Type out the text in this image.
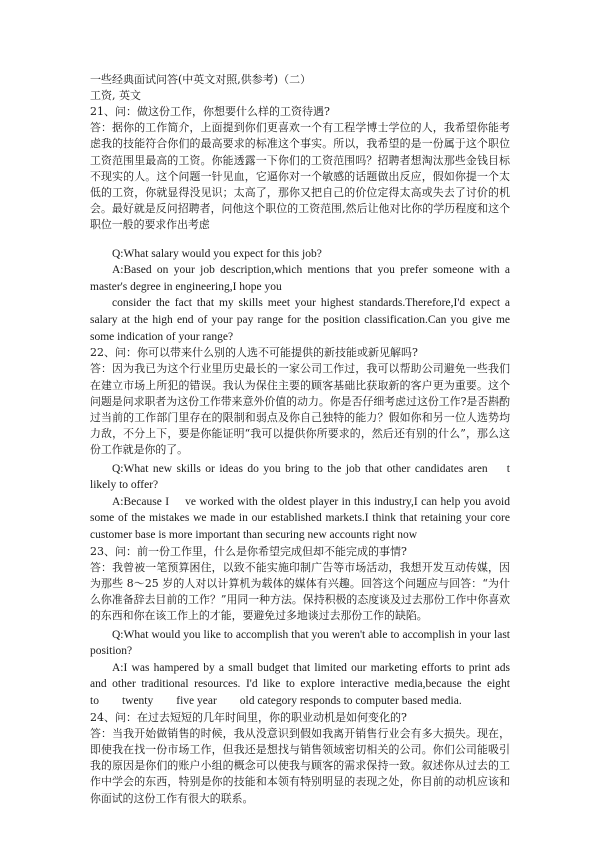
一些经典面试问答(中英文对照,供参考)（二）

工资, 英文

21、问：做这份工作，你想要什么样的工资待遇?

答：据你的工作简介，上面提到你们更喜欢一个有工程学博士学位的人，我希望你能考虑我的技能符合你们的最高要求的标准这个事实。所以，我希望的是一份属于这个职位工资范围里最高的工资。你能透露一下你们的工资范围吗？招聘者想淘汰那些金钱目标不现实的人。这个问题一针见血，它逼你对一个敏感的话题做出反应，假如你提一个太低的工资，你就显得没见识；太高了，那你又把自己的价位定得太高或失去了讨价的机会。最好就是反问招聘者，问他这个职位的工资范围,然后让他对比你的学历程度和这个职位一般的要求作出考虑

Q:What salary would you expect for this job?

A:Based on your job description,which mentions that you prefer someone with a master's degree in engineering,I hope you

consider the fact that my skills meet your highest standards.Therefore,I'd expect a salary at the high end of your pay range for the position classification.Can you give me some indication of your range?

22、问：你可以带来什么别的人选不可能提供的新技能或新见解吗?

答：因为我已为这个行业里历史最长的一家公司工作过，我可以帮助公司避免一些我们在建立市场上所犯的错误。我认为保住主要的顾客基础比获取新的客户更为重要。这个问题是问求职者为这份工作带来意外价值的动力。你是否仔细考虑过这份工作?是否斟酌过当前的工作部门里存在的限制和弱点及你自己独特的能力？假如你和另一位人选势均力敌，不分上下，要是你能证明“我可以提供你所要求的，然后还有别的什么”，那么这份工作就是你的了。

Q:What new skills or ideas do you bring to the job that other candidates aren　 t likely to offer?

A:Because I　 ve worked with the oldest player in this industry,I can help you avoid some of the mistakes we made in our established markets.I think that retaining your core customer base is more important than securing new accounts right now

23、问：前一份工作里，什么是你希望完成但却不能完成的事情?

答：我曾被一笔预算困住，以致不能实施印制广告等市场活动，我想开发互动传媒，因为那些 8～25 岁的人对以计算机为载体的媒体有兴趣。回答这个问题应与回答：“为什么你准备辞去目前的工作？”用同一种方法。保持积极的态度谈及过去那份工作中你喜欢的东西和你在该工作上的才能，要避免过多地谈过去那份工作的缺陷。

Q:What would you like to accomplish that you weren't able to accomplish in your last position?

A:I was hampered by a small budget that limited our marketing efforts to print ads and other traditional resources. I'd like to explore interactive media,because the eight　　to　　twenty　　five year　　old category responds to computer based media.

24、问：在过去短短的几年时间里，你的职业动机是如何变化的?

答：当我开始做销售的时候，我从没意识到假如我离开销售行业会有多大损失。现在，即使我在找一份市场工作，但我还是想找与销售领域密切相关的公司。你们公司能吸引我的原因是你们的账户小组的概念可以使我与顾客的需求保持一致。叙述你从过去的工作中学会的东西，特别是你的技能和本领有特别明显的表现之处，你目前的动机应该和你面试的这份工作有很大的联系。
